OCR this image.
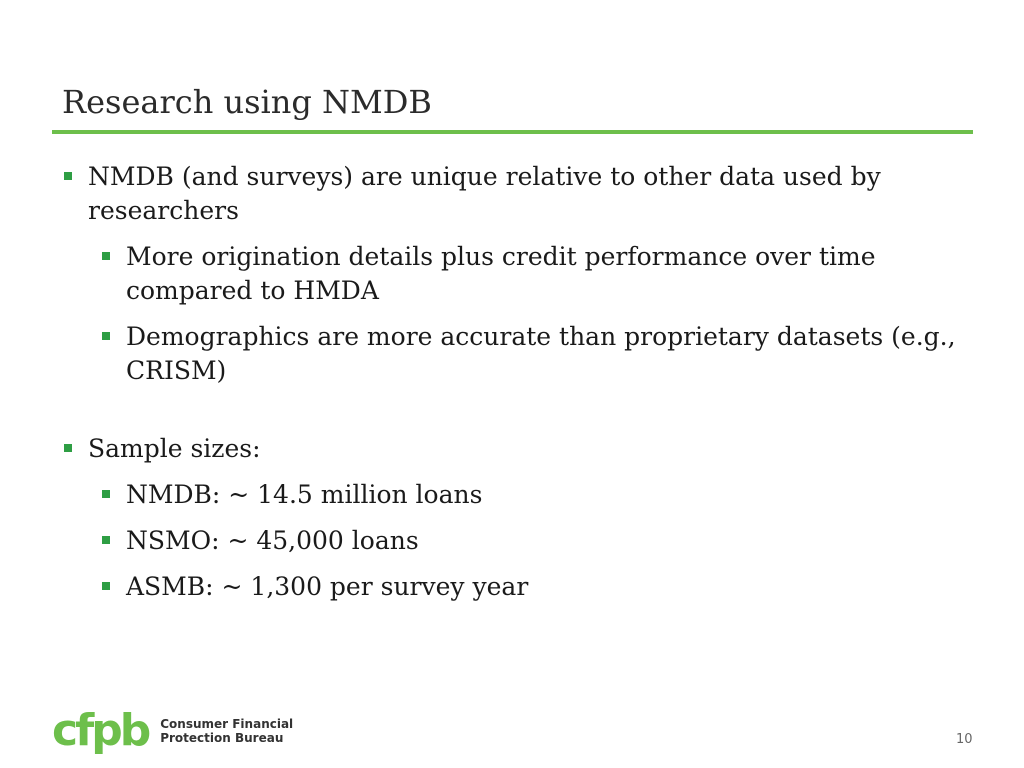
Research using NMDB

NMDB (and surveys) are unique relative to other data used by researchers

More origination details plus credit performance over time compared to HMDA

Demographics are more accurate than proprietary datasets (e.g., CRISM)

Sample sizes:

NMDB: ~ 14.5 million loans

NSMO: ~ 45,000 loans

ASMB: ~ 1,300 per survey year

cfpb Consumer Financial
Protection Bureau	10
